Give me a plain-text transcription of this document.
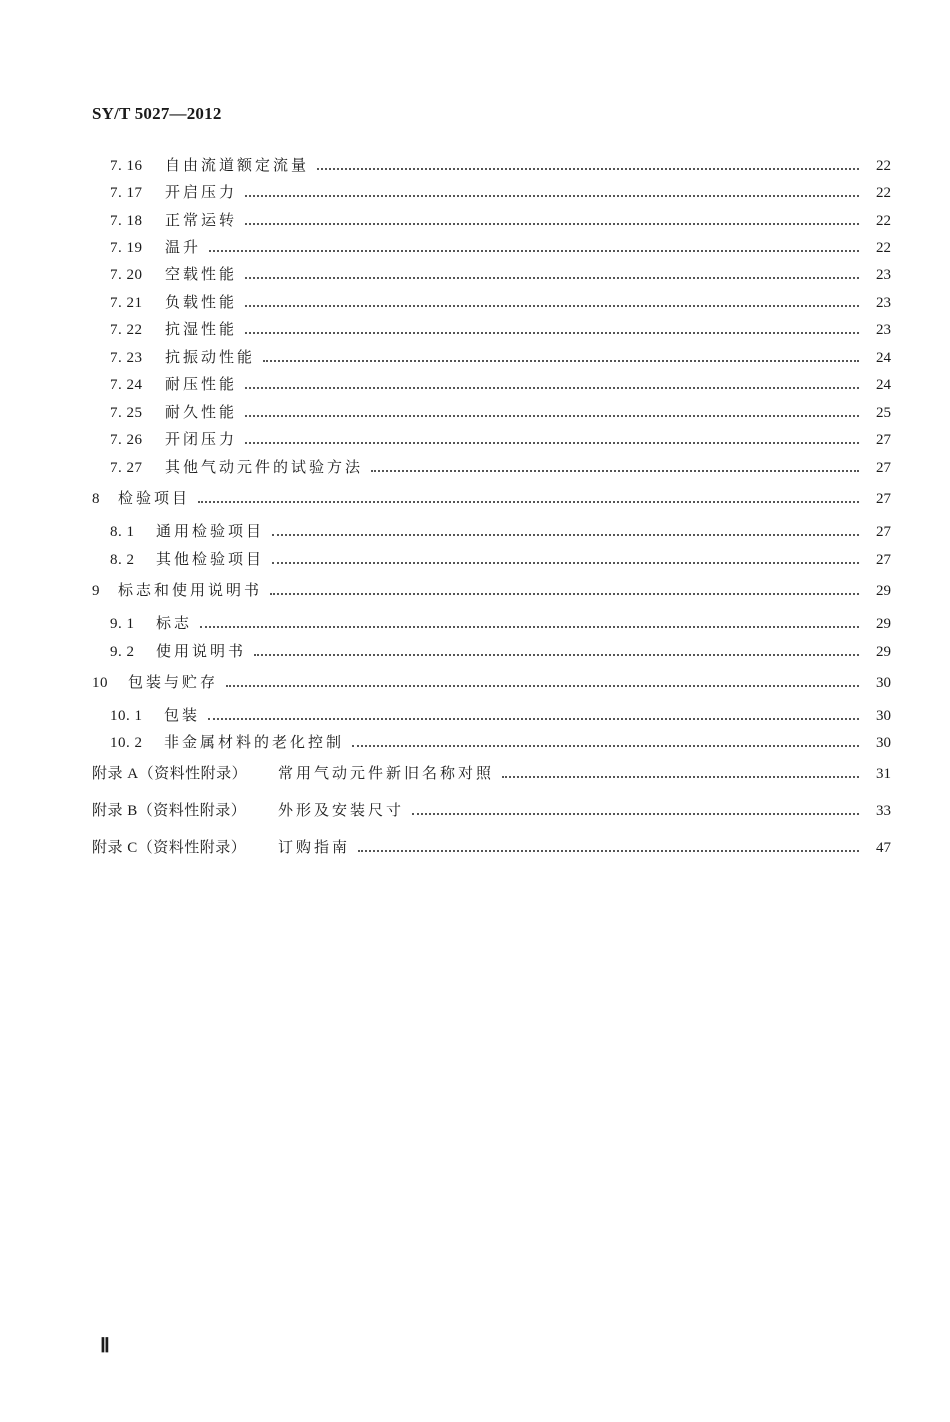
SY/T 5027—2012
7. 16	自由流道额定流量	22
7. 17	开启压力	22
7. 18	正常运转	22
7. 19	温升	22
7. 20	空载性能	23
7. 21	负载性能	23
7. 22	抗湿性能	23
7. 23	抗振动性能	24
7. 24	耐压性能	24
7. 25	耐久性能	25
7. 26	开闭压力	27
7. 27	其他气动元件的试验方法	27
8	检验项目	27
8. 1	通用检验项目	27
8. 2	其他检验项目	27
9	标志和使用说明书	29
9. 1	标志	29
9. 2	使用说明书	29
10	包装与贮存	30
10. 1	包装	30
10. 2	非金属材料的老化控制	30
附录 A（资料性附录）	常用气动元件新旧名称对照	31
附录 B（资料性附录）	外形及安装尺寸	33
附录 C（资料性附录）	订购指南	47
Ⅱ
